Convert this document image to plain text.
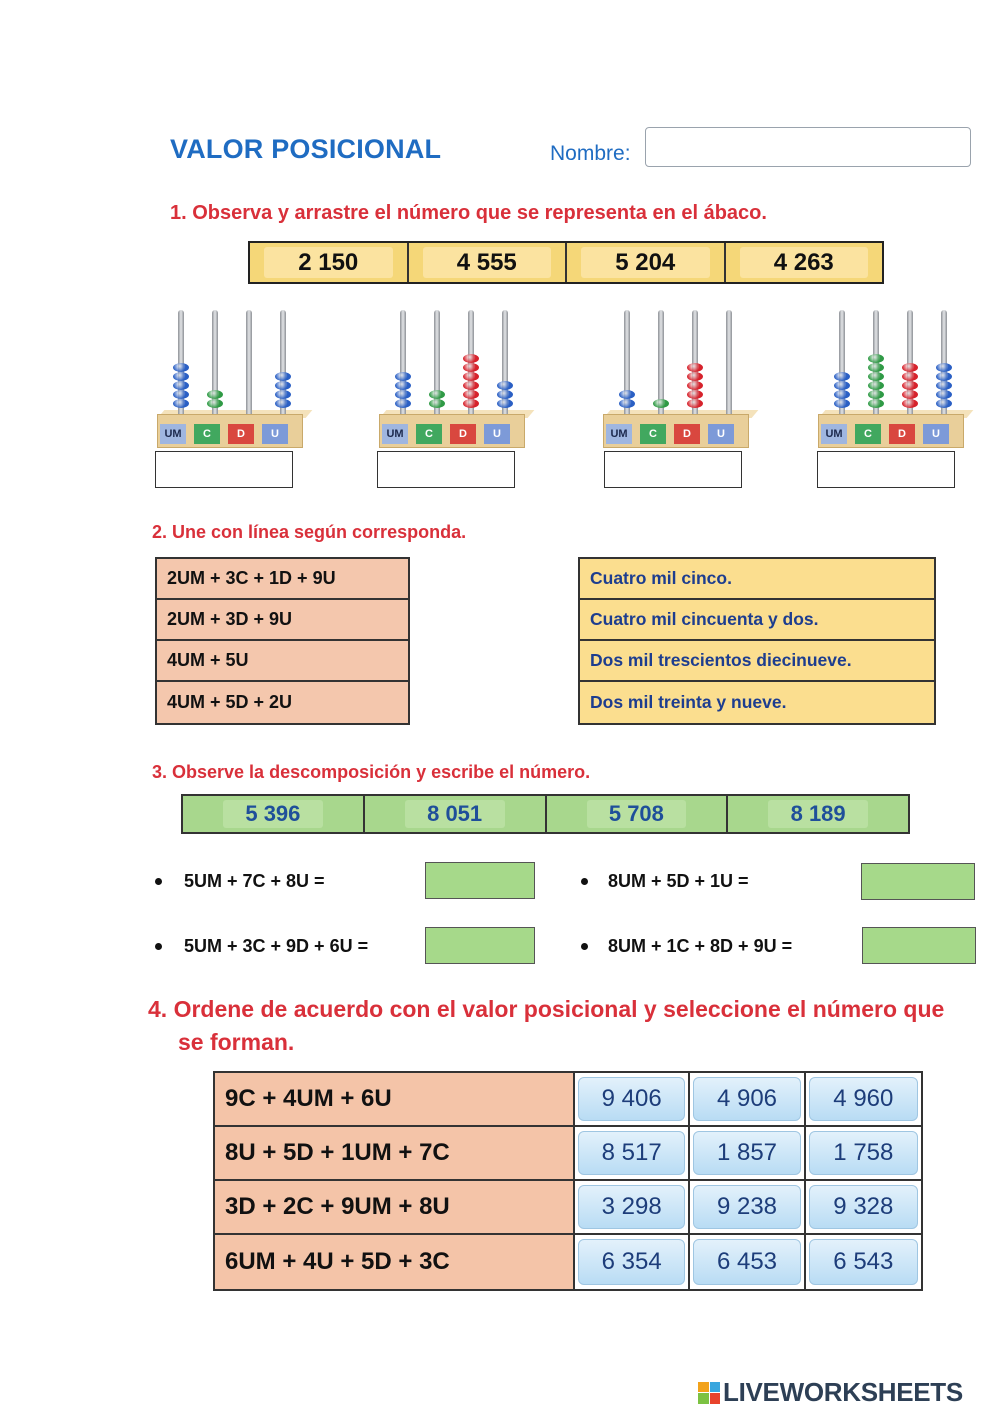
VALOR POSICIONAL	Nombre:
1. Observa y arrastre el número que se representa en el ábaco.
2 150	4 555	5 204	4 263
UM	C	D	U	UM	C	D	U	UM	C	D	U	UM	C	D	U
2. Une con línea según corresponda.
2UM + 3C + 1D + 9U
2UM + 3D + 9U
4UM + 5U
4UM + 5D + 2U
Cuatro mil cinco.
Cuatro mil cincuenta y dos.
Dos mil trescientos diecinueve.
Dos mil treinta y nueve.
3. Observe la descomposición y escribe el número.
5 396	8 051	5 708	8 189
5UM + 7C + 8U =	8UM + 5D + 1U =
5UM + 3C + 9D + 6U =	8UM + 1C + 8D + 9U =
4. Ordene de acuerdo con el valor posicional y seleccione el número que
se forman.
9C + 4UM + 6U	9 406	4 906	4 960
8U + 5D + 1UM + 7C	8 517	1 857	1 758
3D + 2C + 9UM + 8U	3 298	9 238	9 328
6UM + 4U + 5D + 3C	6 354	6 453	6 543
LIVEWORKSHEETS
